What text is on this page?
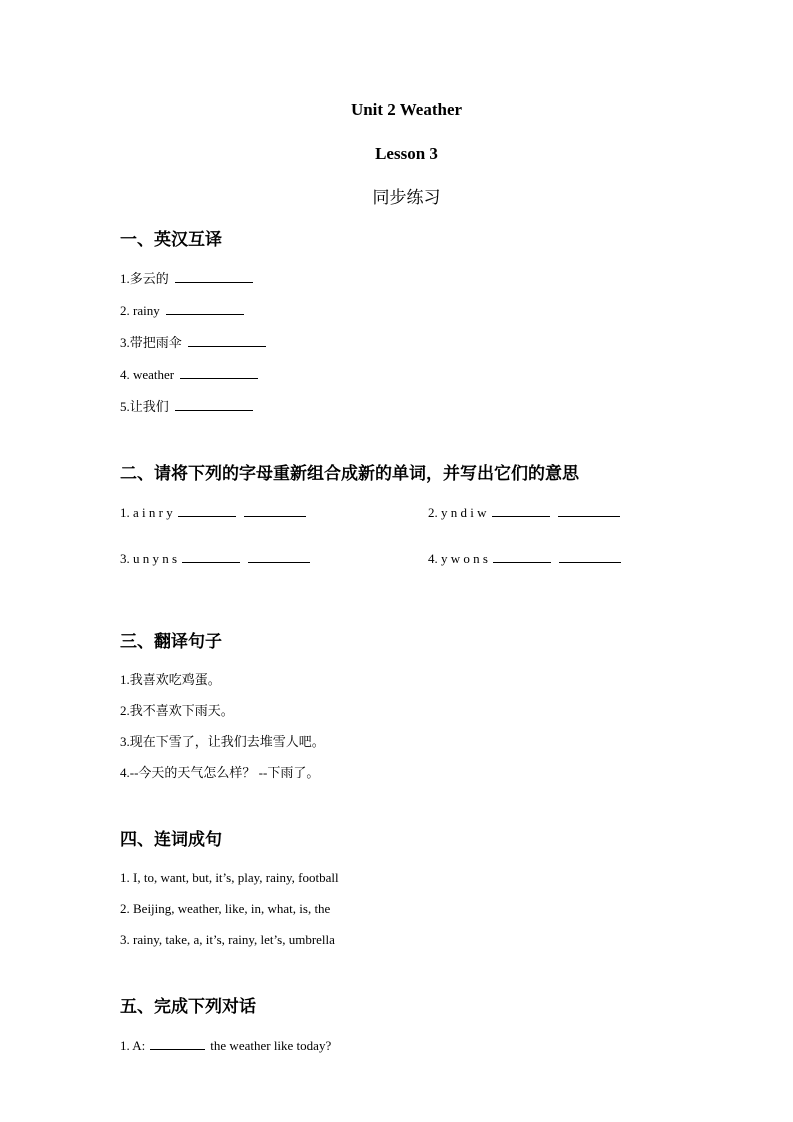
Unit 2 Weather
Lesson 3
同步练习
一、英汉互译
1.多云的
2. rainy
3.带把雨伞
4. weather
5.让我们
二、请将下列的字母重新组合成新的单词，并写出它们的意思
1. a i n r y	2. y n d i w
3. u n y n s	4. y w o n s
三、翻译句子
1.我喜欢吃鸡蛋。
2.我不喜欢下雨天。
3.现在下雪了，让我们去堆雪人吧。
4.--今天的天气怎么样？ --下雨了。
四、连词成句
1. I, to, want, but, it’s, play, rainy, football
2. Beijing, weather, like, in, what, is, the
3. rainy, take, a, it’s, rainy, let’s, umbrella
五、完成下列对话
1. A:	the weather like today?
